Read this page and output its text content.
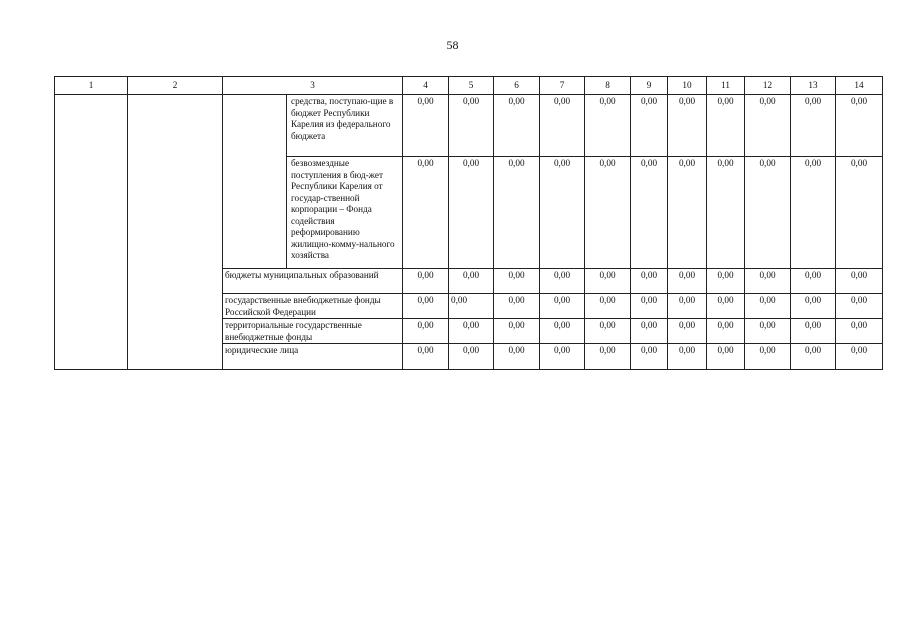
58
1	2	3		4	5	6	7	8	9	10	11	12	13	14
			средства, поступаю-щие в бюджет Республики Карелия из федерального бюджета	0,00	0,00	0,00	0,00	0,00	0,00	0,00	0,00	0,00	0,00	0,00
			безвозмездные поступления в бюд-жет Республики Карелия от государ-ственной корпорации – Фонда содействия реформированию жилищно-комму-нального хозяйства	0,00	0,00	0,00	0,00	0,00	0,00	0,00	0,00	0,00	0,00	0,00
		бюджеты муниципальных образований		0,00	0,00	0,00	0,00	0,00	0,00	0,00	0,00	0,00	0,00	0,00
		государственные внебюджетные фонды Российской Федерации		0,00	0,00	0,00	0,00	0,00	0,00	0,00	0,00	0,00	0,00	0,00
		территориальные государственные внебюджетные фонды		0,00	0,00	0,00	0,00	0,00	0,00	0,00	0,00	0,00	0,00	0,00
		юридические лица		0,00	0,00	0,00	0,00	0,00	0,00	0,00	0,00	0,00	0,00	0,00
